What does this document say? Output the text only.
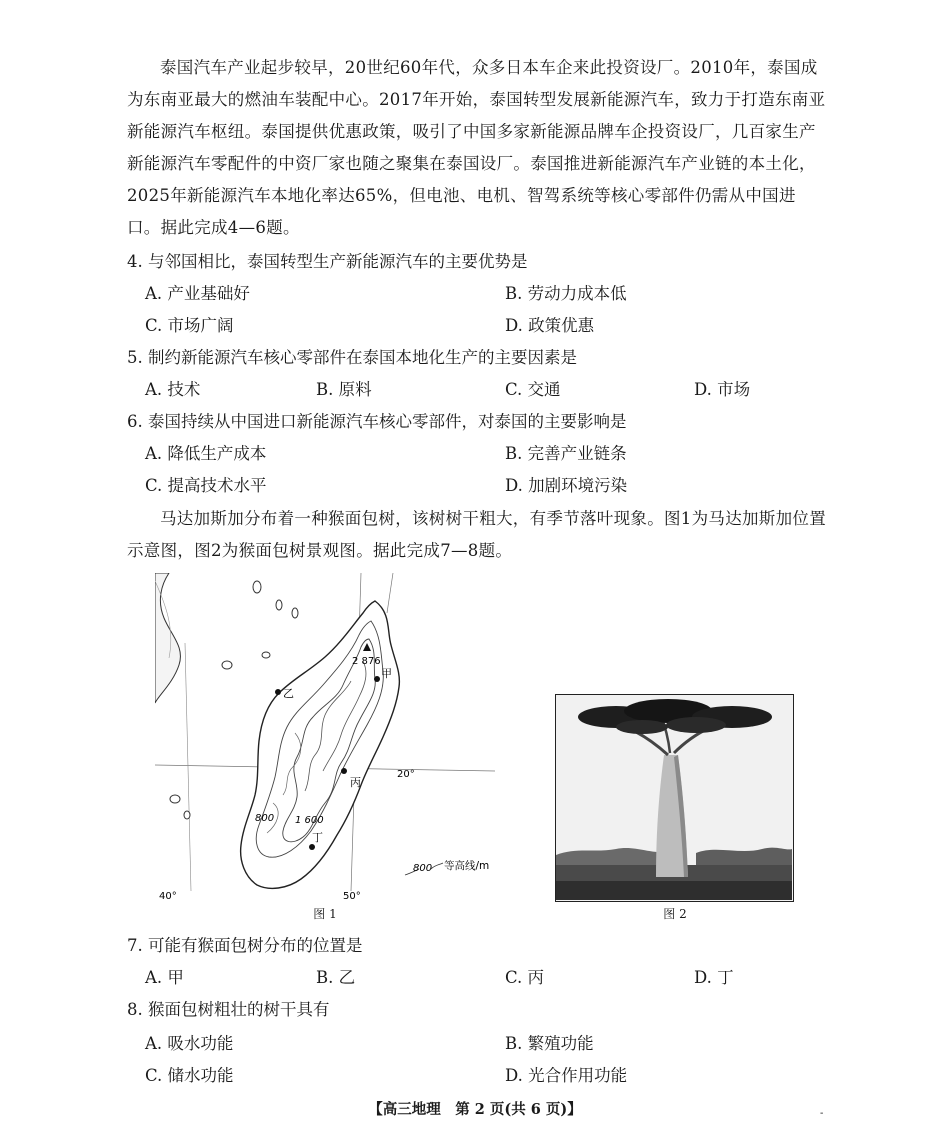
泰国汽车产业起步较早，20世纪60年代，众多日本车企来此投资设厂。2010年，泰国成为东南亚最大的燃油车装配中心。2017年开始，泰国转型发展新能源汽车，致力于打造东南亚新能源汽车枢纽。泰国提供优惠政策，吸引了中国多家新能源品牌车企投资设厂，几百家生产新能源汽车零配件的中资厂家也随之聚集在泰国设厂。泰国推进新能源汽车产业链的本土化，2025年新能源汽车本地化率达65%，但电池、电机、智驾系统等核心零部件仍需从中国进口。据此完成4—6题。

4. 与邻国相比，泰国转型生产新能源汽车的主要优势是

A. 产业基础好	B. 劳动力成本低

C. 市场广阔	D. 政策优惠

5. 制约新能源汽车核心零部件在泰国本地化生产的主要因素是

A. 技术	B. 原料	C. 交通	D. 市场

6. 泰国持续从中国进口新能源汽车核心零部件，对泰国的主要影响是

A. 降低生产成本	B. 完善产业链条

C. 提高技术水平	D. 加剧环境污染

马达加斯加分布着一种猴面包树，该树树干粗大，有季节落叶现象。图1为马达加斯加位置示意图，图2为猴面包树景观图。据此完成7—8题。

2 876
甲
乙
丙
丁
800 1 600
20°
40°	50°
800 等高线/m
图 1	图 2

7. 可能有猴面包树分布的位置是

A. 甲	B. 乙	C. 丙	D. 丁

8. 猴面包树粗壮的树干具有

A. 吸水功能	B. 繁殖功能

C. 储水功能	D. 光合作用功能

【高三地理　第 2 页(共 6 页)】	-
